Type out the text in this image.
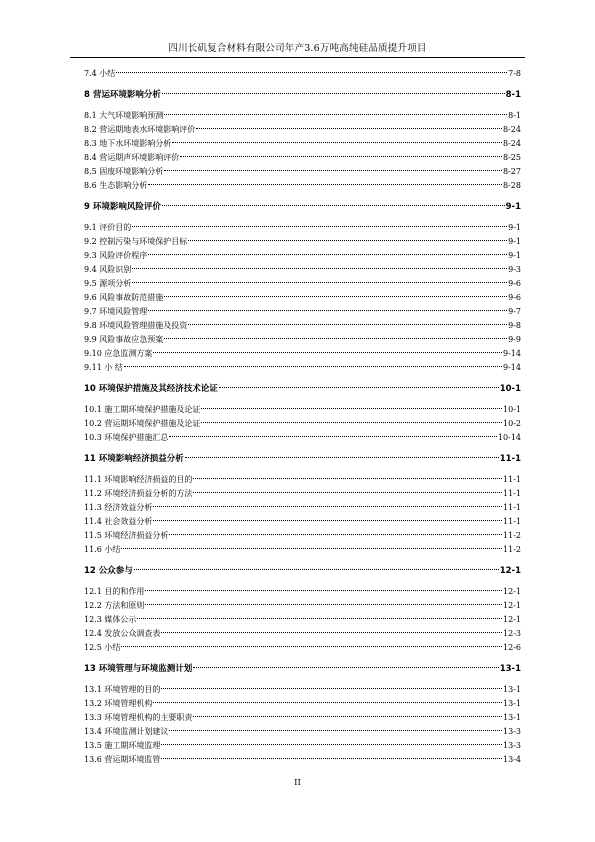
四川长矶复合材料有限公司年产3.6万吨高纯硅品质提升项目
7.4 小结	7-8
8 营运环境影响分析	8-1
8.1 大气环境影响预测	8-1
8.2 营运期地表水环境影响评价	8-24
8.3 地下水环境影响分析	8-24
8.4 营运期声环境影响评价	8-25
8.5 固废环境影响分析	8-27
8.6 生态影响分析	8-28
9 环境影响风险评价	9-1
9.1 评价目的	9-1
9.2 控制污染与环境保护目标	9-1
9.3 风险评价程序	9-1
9.4 风险识别	9-3
9.5 源项分析	9-6
9.6 风险事故防范措施	9-6
9.7 环境风险管理	9-7
9.8 环境风险管理措施及投资	9-8
9.9 风险事故应急预案	9-9
9.10 应急监测方案	9-14
9.11 小 结	9-14
10 环境保护措施及其经济技术论证	10-1
10.1 施工期环境保护措施及论证	10-1
10.2 营运期环境保护措施及论证	10-2
10.3 环境保护措施汇总	10-14
11 环境影响经济损益分析	11-1
11.1 环境影响经济损益的目的	11-1
11.2 环境经济损益分析的方法	11-1
11.3 经济效益分析	11-1
11.4 社会效益分析	11-1
11.5 环境经济损益分析	11-2
11.6 小结	11-2
12 公众参与	12-1
12.1 目的和作用	12-1
12.2 方法和原则	12-1
12.3 媒体公示	12-1
12.4 发放公众调查表	12-3
12.5 小结	12-6
13 环境管理与环境监测计划	13-1
13.1 环境管理的目的	13-1
13.2 环境管理机构	13-1
13.3 环境管理机构的主要职责	13-1
13.4 环境监测计划建议	13-3
13.5 施工期环境监理	13-3
13.6 营运期环境监管	13-4
II
